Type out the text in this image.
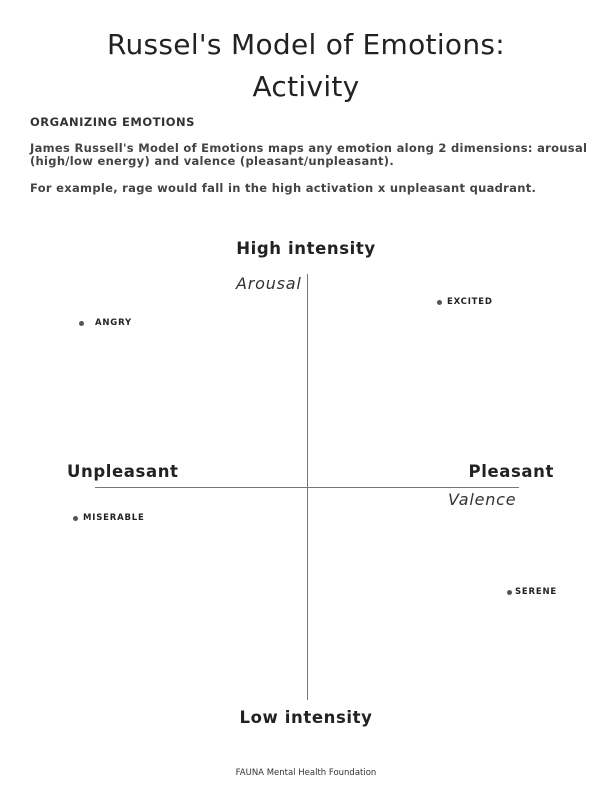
Russel's Model of Emotions:
Activity
ORGANIZING EMOTIONS

James Russell's Model of Emotions maps any emotion along 2 dimensions: arousal (high/low energy) and valence (pleasant/unpleasant).

For example, rage would fall in the high activation x unpleasant quadrant.

High intensity
Arousal
Unpleasant	Pleasant
Valence
Low intensity
EXCITED
ANGRY
MISERABLE
SERENE
FAUNA Mental Health Foundation
